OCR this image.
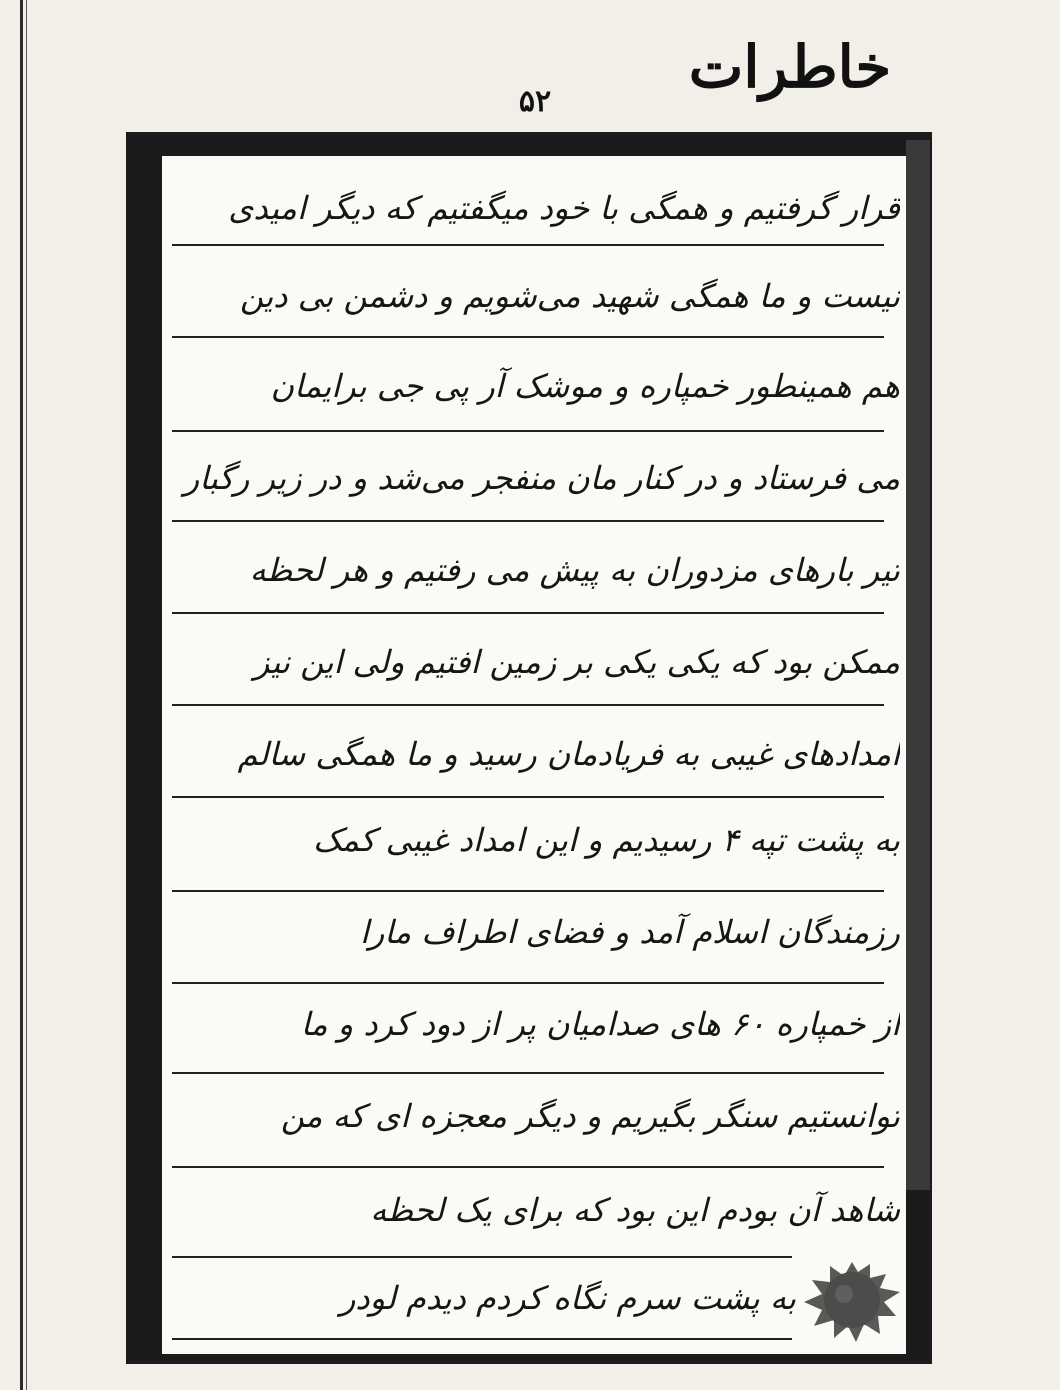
خاطرات
۵۲
قرار گرفتیم و همگی با خود میگفتیم که دیگر امیدی
نیست و ما همگی شهید می‌شویم و دشمن بی دین
هم همینطور خمپاره و موشک آر پی جی برایمان
می فرستاد و در کنار مان منفجر می‌شد و در زیر رگبار
تیر بارهای مزدوران به پیش می رفتیم و هر لحظه
ممکن بود که یکی یکی بر زمین افتیم ولی این نیز
امدادهای غیبی به فریادمان رسید و ما همگی سالم
به پشت تپه ۴ رسیدیم و این امداد غیبی کمک
رزمندگان اسلام آمد و فضای اطراف مارا
از خمپاره ۶۰ های صدامیان پر از دود کرد و ما
توانستیم سنگر بگیریم و دیگر معجزه ای که من
شاهد آن بودم این بود که برای یک لحظه
به پشت سرم نگاه کردم دیدم لودر
